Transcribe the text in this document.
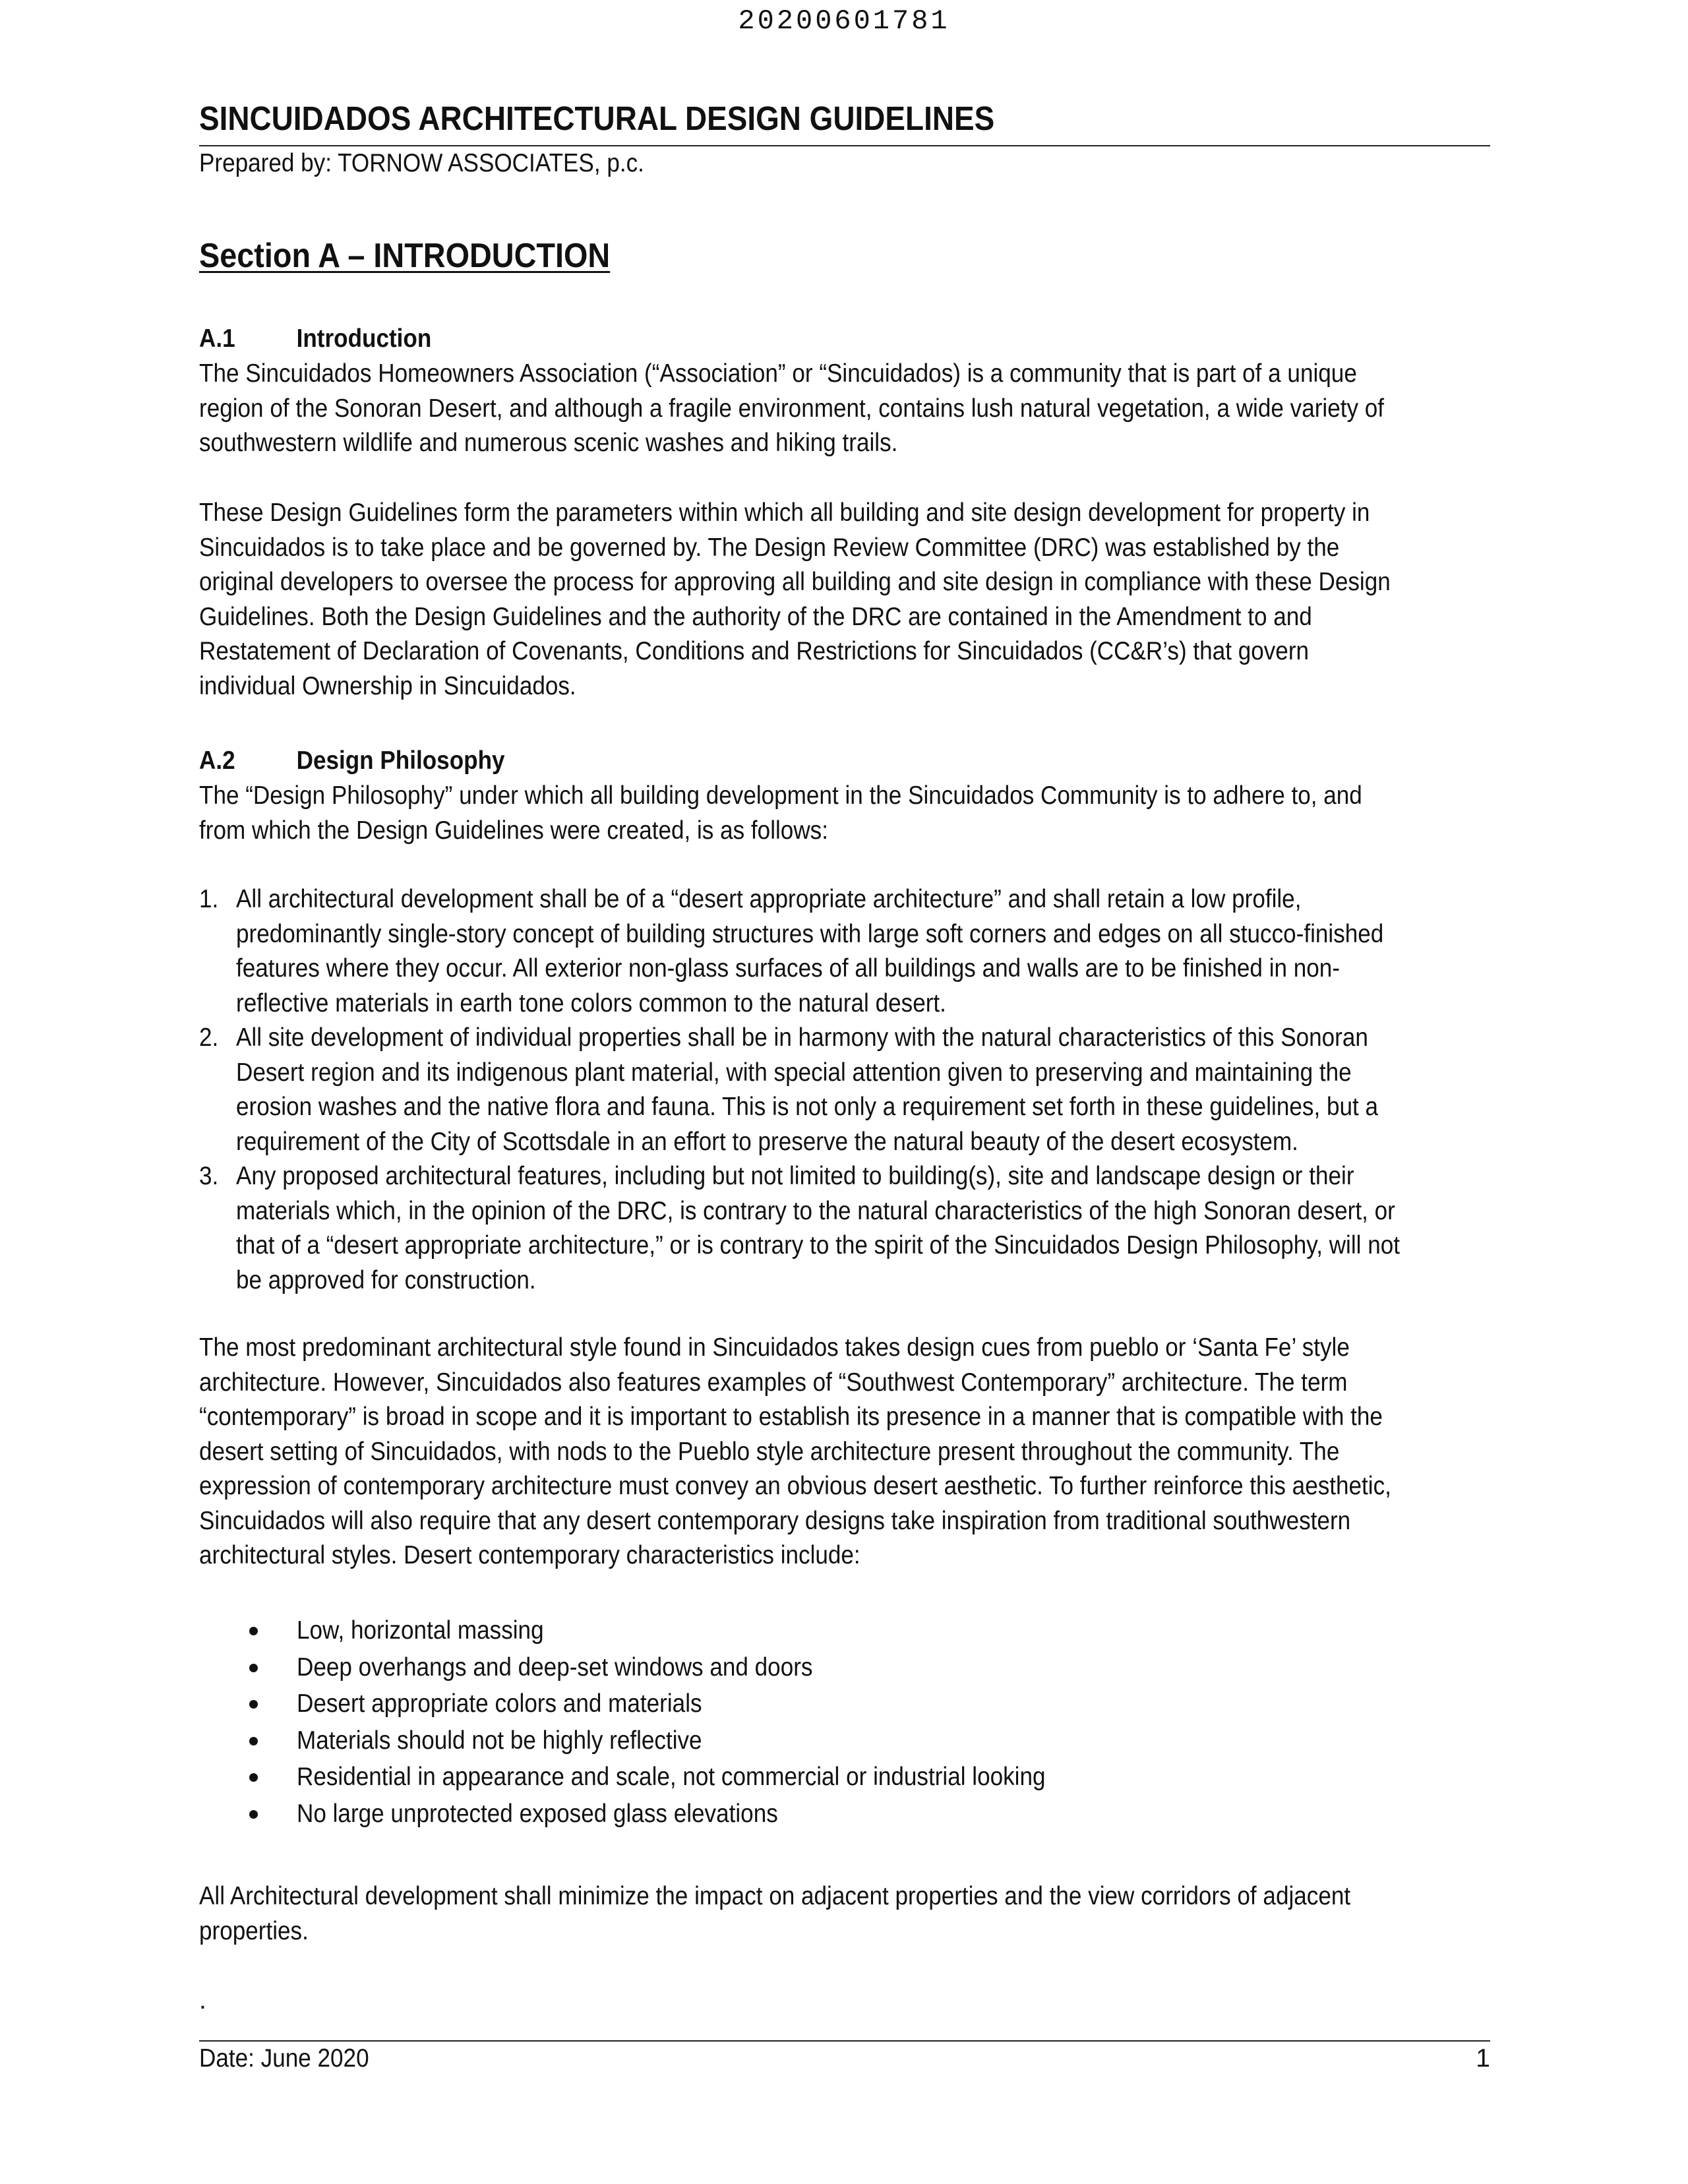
20200601781
SINCUIDADOS ARCHITECTURAL DESIGN GUIDELINES

Prepared by: TORNOW ASSOCIATES, p.c.

Section A – INTRODUCTION
A.1 Introduction
The Sincuidados Homeowners Association (“Association” or “Sincuidados) is a community that is part of a unique
region of the Sonoran Desert, and although a fragile environment, contains lush natural vegetation, a wide variety of
southwestern wildlife and numerous scenic washes and hiking trails.
These Design Guidelines form the parameters within which all building and site design development for property in
Sincuidados is to take place and be governed by. The Design Review Committee (DRC) was established by the
original developers to oversee the process for approving all building and site design in compliance with these Design
Guidelines. Both the Design Guidelines and the authority of the DRC are contained in the Amendment to and
Restatement of Declaration of Covenants, Conditions and Restrictions for Sincuidados (CC&R’s) that govern
individual Ownership in Sincuidados.
A.2 Design Philosophy
The “Design Philosophy” under which all building development in the Sincuidados Community is to adhere to, and
from which the Design Guidelines were created, is as follows:
1. All architectural development shall be of a “desert appropriate architecture” and shall retain a low profile,
predominantly single-story concept of building structures with large soft corners and edges on all stucco-finished
features where they occur. All exterior non-glass surfaces of all buildings and walls are to be finished in non-
reflective materials in earth tone colors common to the natural desert.
2. All site development of individual properties shall be in harmony with the natural characteristics of this Sonoran
Desert region and its indigenous plant material, with special attention given to preserving and maintaining the
erosion washes and the native flora and fauna. This is not only a requirement set forth in these guidelines, but a
requirement of the City of Scottsdale in an effort to preserve the natural beauty of the desert ecosystem.
3. Any proposed architectural features, including but not limited to building(s), site and landscape design or their
materials which, in the opinion of the DRC, is contrary to the natural characteristics of the high Sonoran desert, or
that of a “desert appropriate architecture,” or is contrary to the spirit of the Sincuidados Design Philosophy, will not
be approved for construction.
The most predominant architectural style found in Sincuidados takes design cues from pueblo or ‘Santa Fe’ style
architecture. However, Sincuidados also features examples of “Southwest Contemporary” architecture. The term
“contemporary” is broad in scope and it is important to establish its presence in a manner that is compatible with the
desert setting of Sincuidados, with nods to the Pueblo style architecture present throughout the community. The
expression of contemporary architecture must convey an obvious desert aesthetic. To further reinforce this aesthetic,
Sincuidados will also require that any desert contemporary designs take inspiration from traditional southwestern
architectural styles. Desert contemporary characteristics include:
Low, horizontal massing
Deep overhangs and deep-set windows and doors
Desert appropriate colors and materials
Materials should not be highly reflective
Residential in appearance and scale, not commercial or industrial looking
No large unprotected exposed glass elevations
All Architectural development shall minimize the impact on adjacent properties and the view corridors of adjacent
properties.
.
Date: June 2020	1
